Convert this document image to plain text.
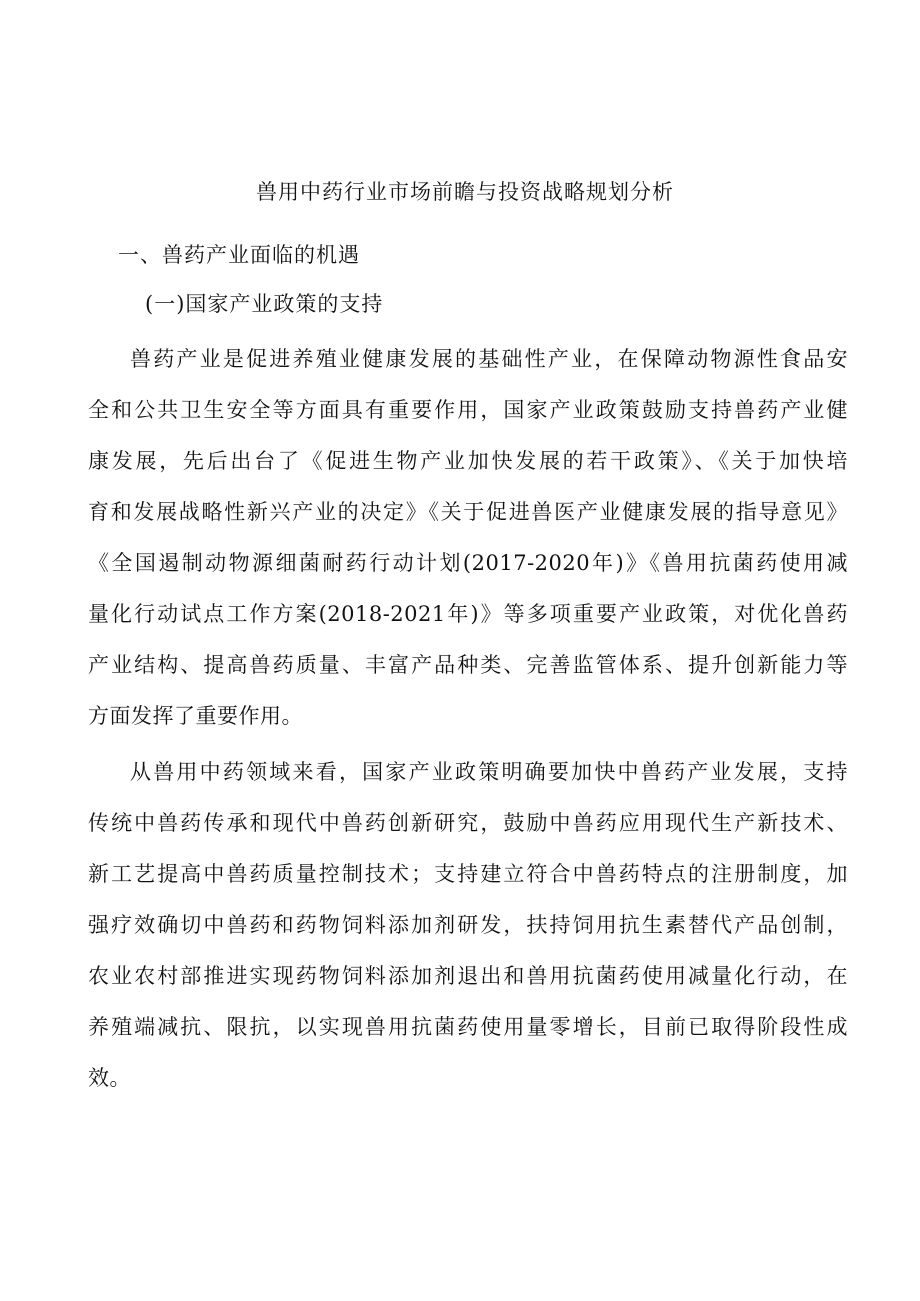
兽用中药行业市场前瞻与投资战略规划分析
一、兽药产业面临的机遇
(一)国家产业政策的支持
兽药产业是促进养殖业健康发展的基础性产业，在保障动物源性食品安
全和公共卫生安全等方面具有重要作用，国家产业政策鼓励支持兽药产业健
康发展，先后出台了《促进生物产业加快发展的若干政策》、《关于加快培
育和发展战略性新兴产业的决定》《关于促进兽医产业健康发展的指导意见》
《全国遏制动物源细菌耐药行动计划(2017-2020年)》《兽用抗菌药使用减
量化行动试点工作方案(2018-2021年)》等多项重要产业政策，对优化兽药
产业结构、提高兽药质量、丰富产品种类、完善监管体系、提升创新能力等
方面发挥了重要作用。
从兽用中药领域来看，国家产业政策明确要加快中兽药产业发展，支持
传统中兽药传承和现代中兽药创新研究，鼓励中兽药应用现代生产新技术、
新工艺提高中兽药质量控制技术；支持建立符合中兽药特点的注册制度，加
强疗效确切中兽药和药物饲料添加剂研发，扶持饲用抗生素替代产品创制，
农业农村部推进实现药物饲料添加剂退出和兽用抗菌药使用减量化行动，在
养殖端减抗、限抗，以实现兽用抗菌药使用量零增长，目前已取得阶段性成
效。
